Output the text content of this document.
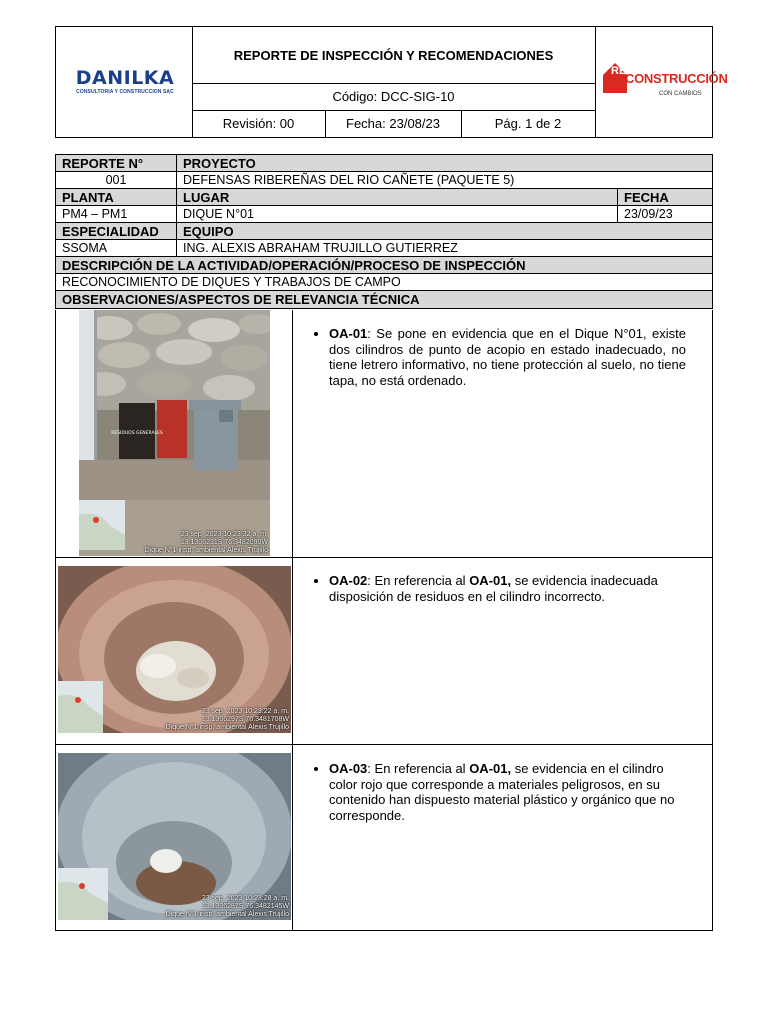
DANILKA
CONSULTORIA Y CONSTRUCCION SAC
REPORTE DE INSPECCIÓN Y RECOMENDACIONES
Código: DCC-SIG-10
Revisión: 00	Fecha: 23/08/23	Pág. 1 de 2
RE
CONSTRUCCIÓN
CON CAMBIOS
REPORTE N°	PROYECTO
001	DEFENSAS RIBEREÑAS DEL RIO CAÑETE (PAQUETE 5)
PLANTA	LUGAR	FECHA
PM4 – PM1	DIQUE N°01	23/09/23
ESPECIALIDAD	EQUIPO
SSOMA	ING. ALEXIS ABRAHAM TRUJILLO GUTIERREZ
DESCRIPCIÓN DE LA ACTIVIDAD/OPERACIÓN/PROCESO DE INSPECCIÓN
RECONOCIMIENTO DE DIQUES Y TRABAJOS DE CAMPO
OBSERVACIONES/ASPECTOS DE RELEVANCIA TÉCNICA
RESIDUOS GENERALES
23 sep. 2023 10:23:32 a. m.
13.1306231S 76.3482090W
Dique N°1 insp. ambiental Alexis Trujillo
• OA-01: Se pone en evidencia que en el Dique N°01, existe dos cilindros de punto de acopio en estado inadecuado, no tiene letrero informativo, no tiene protección al suelo, no tiene tapa, no está ordenado.
23 sep. 2023 10:23:22 a. m.
13.1306297S 76.3481708W
Dique N°1 insp. ambiental Alexis Trujillo
• OA-02: En referencia al OA-01, se evidencia inadecuada disposición de residuos en el cilindro incorrecto.
23 sep. 2023 10:23:28 a. m.
13.1306287S 76.3482145W
Dique N°1 insp. ambiental Alexis Trujillo
• OA-03: En referencia al OA-01, se evidencia en el cilindro color rojo que corresponde a materiales peligrosos, en su contenido han dispuesto material plástico y orgánico que no corresponde.
